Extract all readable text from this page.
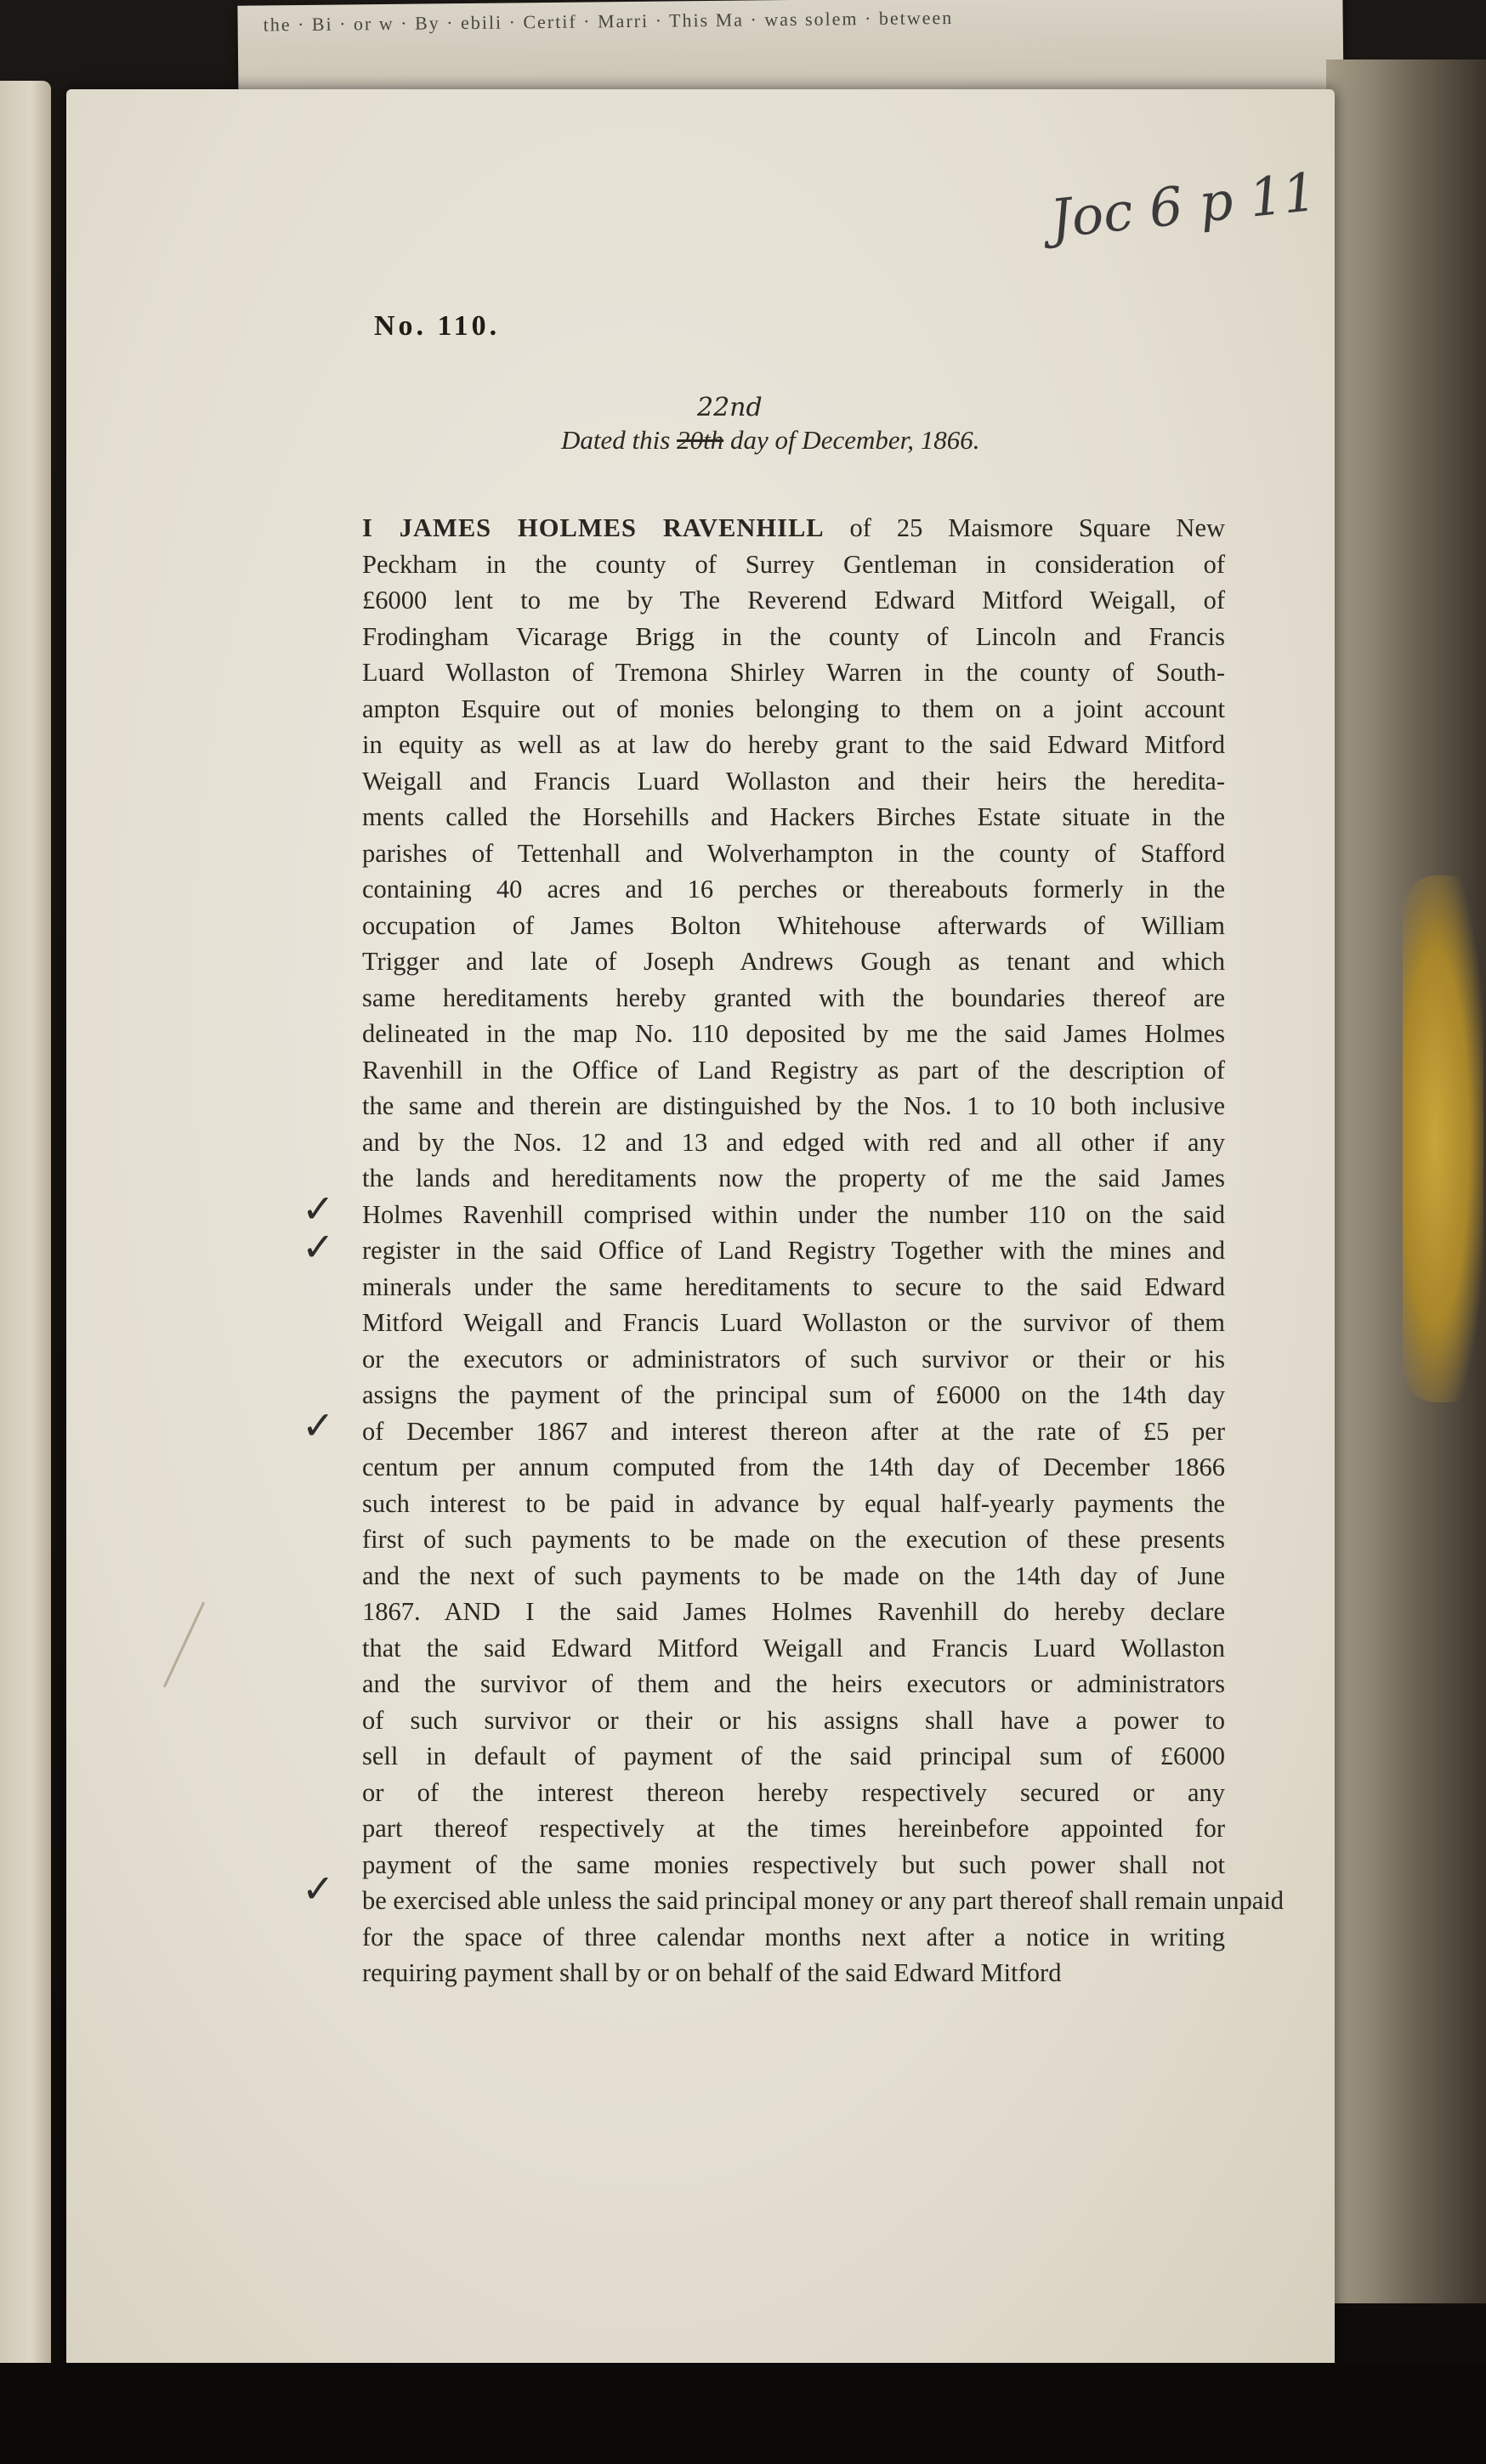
the · Bi · or w · By · ebili · Certif · Marri · This Ma · was solem · between
Joc 6 p 11
No. 110.
Dated this 20th day of December, 1866.
22nd
I JAMES HOLMES RAVENHILL of 25 Maismore Square New
Peckham in the county of Surrey Gentleman in consideration of
£6000 lent to me by The Reverend Edward Mitford Weigall, of
Frodingham Vicarage Brigg in the county of Lincoln and Francis
Luard Wollaston of Tremona Shirley Warren in the county of South-
ampton Esquire out of monies belonging to them on a joint account
in equity as well as at law do hereby grant to the said Edward Mitford
Weigall and Francis Luard Wollaston and their heirs the heredita-
ments called the Horsehills and Hackers Birches Estate situate in the
parishes of Tettenhall and Wolverhampton in the county of Stafford
containing 40 acres and 16 perches or thereabouts formerly in the
occupation of James Bolton Whitehouse afterwards of William
Trigger and late of Joseph Andrews Gough as tenant and which
same hereditaments hereby granted with the boundaries thereof are
delineated in the map No. 110 deposited by me the said James Holmes
Ravenhill in the Office of Land Registry as part of the description of
the same and therein are distinguished by the Nos. 1 to 10 both inclusive
and by the Nos. 12 and 13 and edged with red and all other if any
the lands and hereditaments now the property of me the said James
Holmes Ravenhill comprised within under the number 110 on the said
register in the said Office of Land Registry Together with the mines and
minerals under the same hereditaments to secure to the said Edward
Mitford Weigall and Francis Luard Wollaston or the survivor of them
or the executors or administrators of such survivor or their or his
assigns the payment of the principal sum of £6000 on the 14th day
of December 1867 and interest thereon after at the rate of £5 per
centum per annum computed from the 14th day of December 1866
such interest to be paid in advance by equal half-yearly payments the
first of such payments to be made on the execution of these presents
and the next of such payments to be made on the 14th day of June
1867. AND I the said James Holmes Ravenhill do hereby declare
that the said Edward Mitford Weigall and Francis Luard Wollaston
and the survivor of them and the heirs executors or administrators
of such survivor or their or his assigns shall have a power to
sell in default of payment of the said principal sum of £6000
or of the interest thereon hereby respectively secured or any
part thereof respectively at the times hereinbefore appointed for
payment of the same monies respectively but such power shall not
be exercised able unless the said principal money or any part thereof shall remain unpaid
for the space of three calendar months next after a notice in writing
requiring payment shall by or on behalf of the said Edward Mitford
✓
✓
✓
✓
